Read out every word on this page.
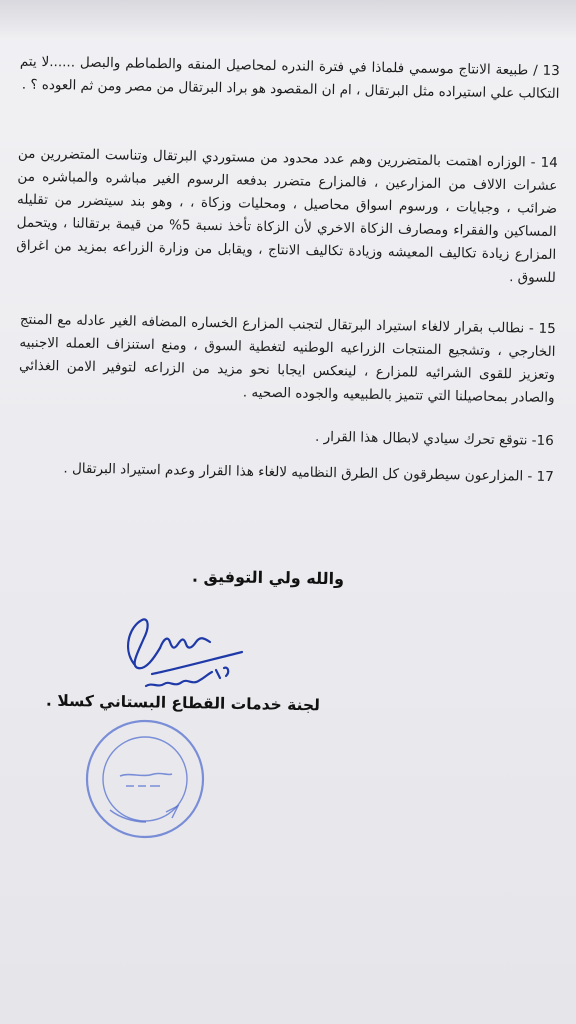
13 / طبيعة الانتاج موسمي فلماذا في فترة الندره لمحاصيل المنقه والطماطم والبصل ......لا يتم التكالب علي استيراده مثل البرتقال ، ام ان المقصود هو براد البرتقال من مصر ومن ثم العوده ؟ .

14 - الوزاره اهتمت بالمتضررين وهم عدد محدود من مستوردي البرتقال وتناست المتضررين من عشرات الالاف من المزارعين ، فالمزارع متضرر بدفعه الرسوم الغير مباشره والمباشره من ضرائب ، وجبايات ، ورسوم اسواق محاصيل ، ومحليات وزكاة ، ، وهو بند سيتضرر من تقليله المساكين والفقراء ومصارف الزكاة الاخري لأن الزكاة تأخذ نسبة 5% من قيمة برتقالنا ، ويتحمل المزارع زيادة تكاليف المعيشه وزيادة تكاليف الانتاج ، ويقابل من وزارة الزراعه بمزيد من اغراق للسوق .

15 - نطالب بقرار لالغاء استيراد البرتقال لتجنب المزارع الخساره المضافه الغير عادله مع المنتج الخارجي ، وتشجيع المنتجات الزراعيه الوطنيه لتغطية السوق ، ومنع استنزاف العمله الاجنبيه وتعزيز للقوى الشرائيه للمزارع ، لينعكس ايجابا نحو مزيد من الزراعه لتوفير الامن الغذائي والصادر بمحاصيلنا التي تتميز بالطبيعيه والجوده الصحيه .

16- نتوقع تحرك سيادي لابطال هذا القرار .

17 - المزارعون سيطرقون كل الطرق النظاميه لالغاء هذا القرار وعدم استيراد البرتقال .

والله ولي التوفيق .
لجنة خدمات القطاع البستاني كسلا .
